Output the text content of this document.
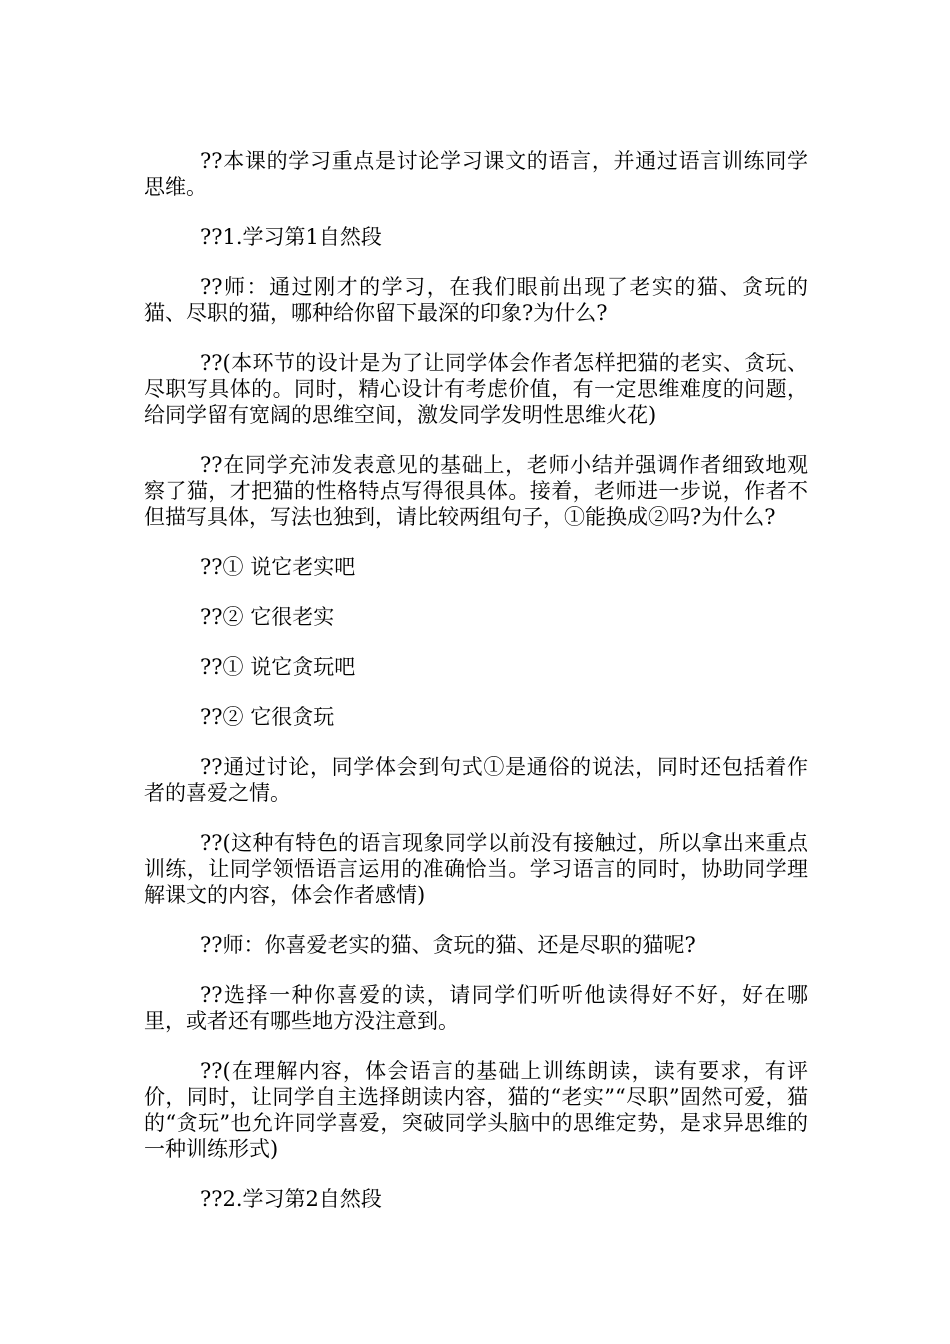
??本课的学习重点是讨论学习课文的语言，并通过语言训练同学思维。

??1.学习第1自然段

??师：通过刚才的学习，在我们眼前出现了老实的猫、贪玩的猫、尽职的猫，哪种给你留下最深的印象?为什么?

??(本环节的设计是为了让同学体会作者怎样把猫的老实、贪玩、尽职写具体的。同时，精心设计有考虑价值，有一定思维难度的问题，给同学留有宽阔的思维空间，激发同学发明性思维火花)

??在同学充沛发表意见的基础上，老师小结并强调作者细致地观察了猫，才把猫的性格特点写得很具体。接着，老师进一步说，作者不但描写具体，写法也独到，请比较两组句子，①能换成②吗?为什么?

??① 说它老实吧

??② 它很老实

??① 说它贪玩吧

??② 它很贪玩

??通过讨论，同学体会到句式①是通俗的说法，同时还包括着作者的喜爱之情。

??(这种有特色的语言现象同学以前没有接触过，所以拿出来重点训练，让同学领悟语言运用的准确恰当。学习语言的同时，协助同学理解课文的内容，体会作者感情)

??师：你喜爱老实的猫、贪玩的猫、还是尽职的猫呢?

??选择一种你喜爱的读，请同学们听听他读得好不好，好在哪里，或者还有哪些地方没注意到。

??(在理解内容，体会语言的基础上训练朗读，读有要求，有评价，同时，让同学自主选择朗读内容，猫的“老实”“尽职”固然可爱，猫的“贪玩”也允许同学喜爱，突破同学头脑中的思维定势，是求异思维的一种训练形式)

??2.学习第2自然段
